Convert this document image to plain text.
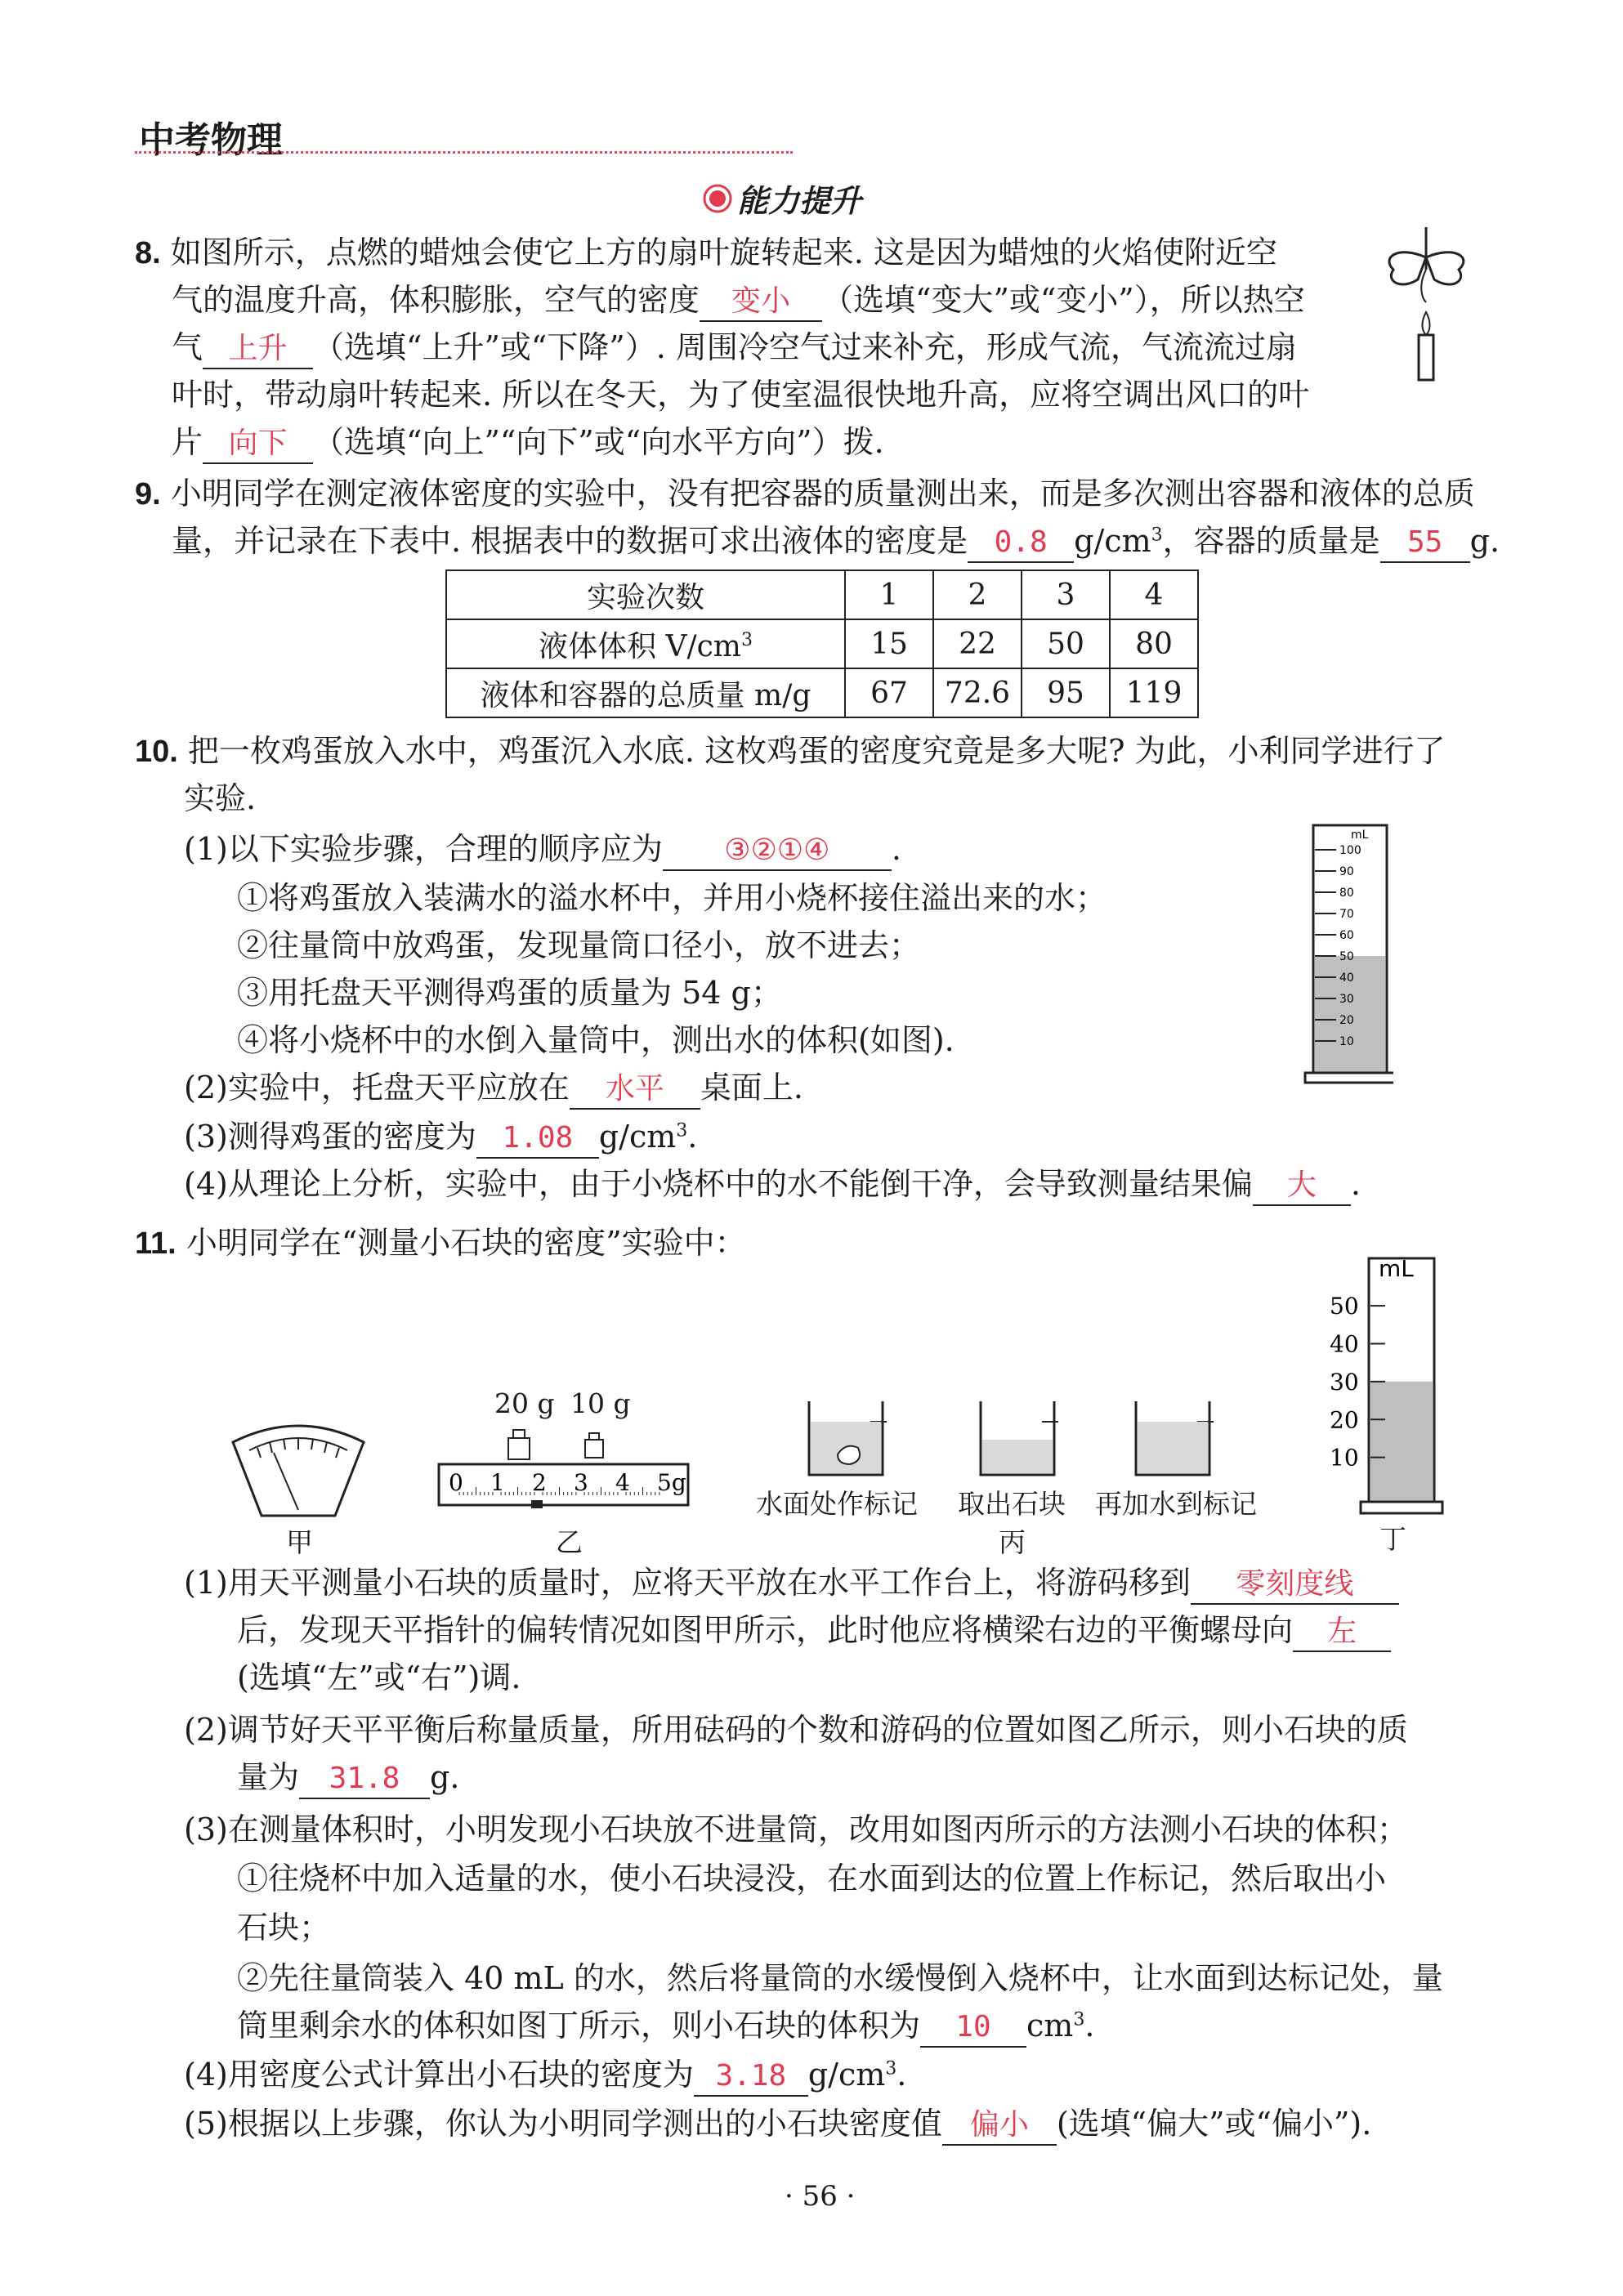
中考物理
能力提升
8. 如图所示，点燃的蜡烛会使它上方的扇叶旋转起来. 这是因为蜡烛的火焰使附近空
气的温度升高，体积膨胀，空气的密度 变小 （选填“变大”或“变小”），所以热空
气 上升 （选填“上升”或“下降”）. 周围冷空气过来补充，形成气流，气流流过扇
叶时，带动扇叶转起来. 所以在冬天，为了使室温很快地升高，应将空调出风口的叶
片 向下 （选填“向上”“向下”或“向水平方向”）拨.
9. 小明同学在测定液体密度的实验中，没有把容器的质量测出来，而是多次测出容器和液体的总质
量，并记录在下表中. 根据表中的数据可求出液体的密度是 0.8 $g/cm^3$，容器的质量是 55 g.
实验次数	1	2	3	4
液体体积 $V/cm^3$	15	22	50	80
液体和容器的总质量 m/g	67	72.6	95	119
10. 把一枚鸡蛋放入水中，鸡蛋沉入水底. 这枚鸡蛋的密度究竟是多大呢? 为此，小利同学进行了
实验.
(1)以下实验步骤，合理的顺序应为 ③②①④ .
①将鸡蛋放入装满水的溢水杯中，并用小烧杯接住溢出来的水；
②往量筒中放鸡蛋，发现量筒口径小，放不进去；
③用托盘天平测得鸡蛋的质量为 54 g；
④将小烧杯中的水倒入量筒中，测出水的体积(如图).
(2)实验中，托盘天平应放在 水平 桌面上.
(3)测得鸡蛋的密度为 1.08 $g/cm^3$.
(4)从理论上分析，实验中，由于小烧杯中的水不能倒干净，会导致测量结果偏 大 .
mL
100
90
80
70
60
50
40
30
20
10
11. 小明同学在“测量小石块的密度”实验中：
甲
20 g 10 g
0 1 2 3 4 5g
乙
水面处作标记 取出石块 再加水到标记
丙
mL
50
40
30
20
10
丁
(1)用天平测量小石块的质量时，应将天平放在水平工作台上，将游码移到 零刻度线
后，发现天平指针的偏转情况如图甲所示，此时他应将横梁右边的平衡螺母向 左
(选填“左”或“右”)调.
(2)调节好天平平衡后称量质量，所用砝码的个数和游码的位置如图乙所示，则小石块的质
量为 31.8 g.
(3)在测量体积时，小明发现小石块放不进量筒，改用如图丙所示的方法测小石块的体积；
①往烧杯中加入适量的水，使小石块浸没，在水面到达的位置上作标记，然后取出小
石块；
②先往量筒装入 40 mL 的水，然后将量筒的水缓慢倒入烧杯中，让水面到达标记处，量
筒里剩余水的体积如图丁所示，则小石块的体积为 10 $cm^3$.
(4)用密度公式计算出小石块的密度为 3.18 $g/cm^3$.
(5)根据以上步骤，你认为小明同学测出的小石块密度值 偏小 (选填“偏大”或“偏小”).
· 56 ·
